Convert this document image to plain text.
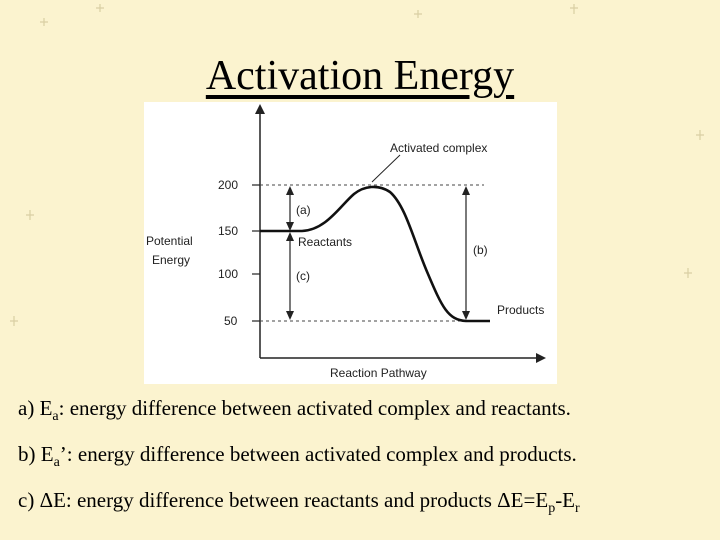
Activation Energy
200
150
100
50
Activated complex
Reactants
Products
(a)
(b)
(c)
Potential
Energy
Reaction Pathway
a) $E_a$: energy difference between activated complex and reactants.
b) $E_a$’: energy difference between activated complex and products.
c) ΔE: energy difference between reactants and products $\Delta E=E_p-E_r$
